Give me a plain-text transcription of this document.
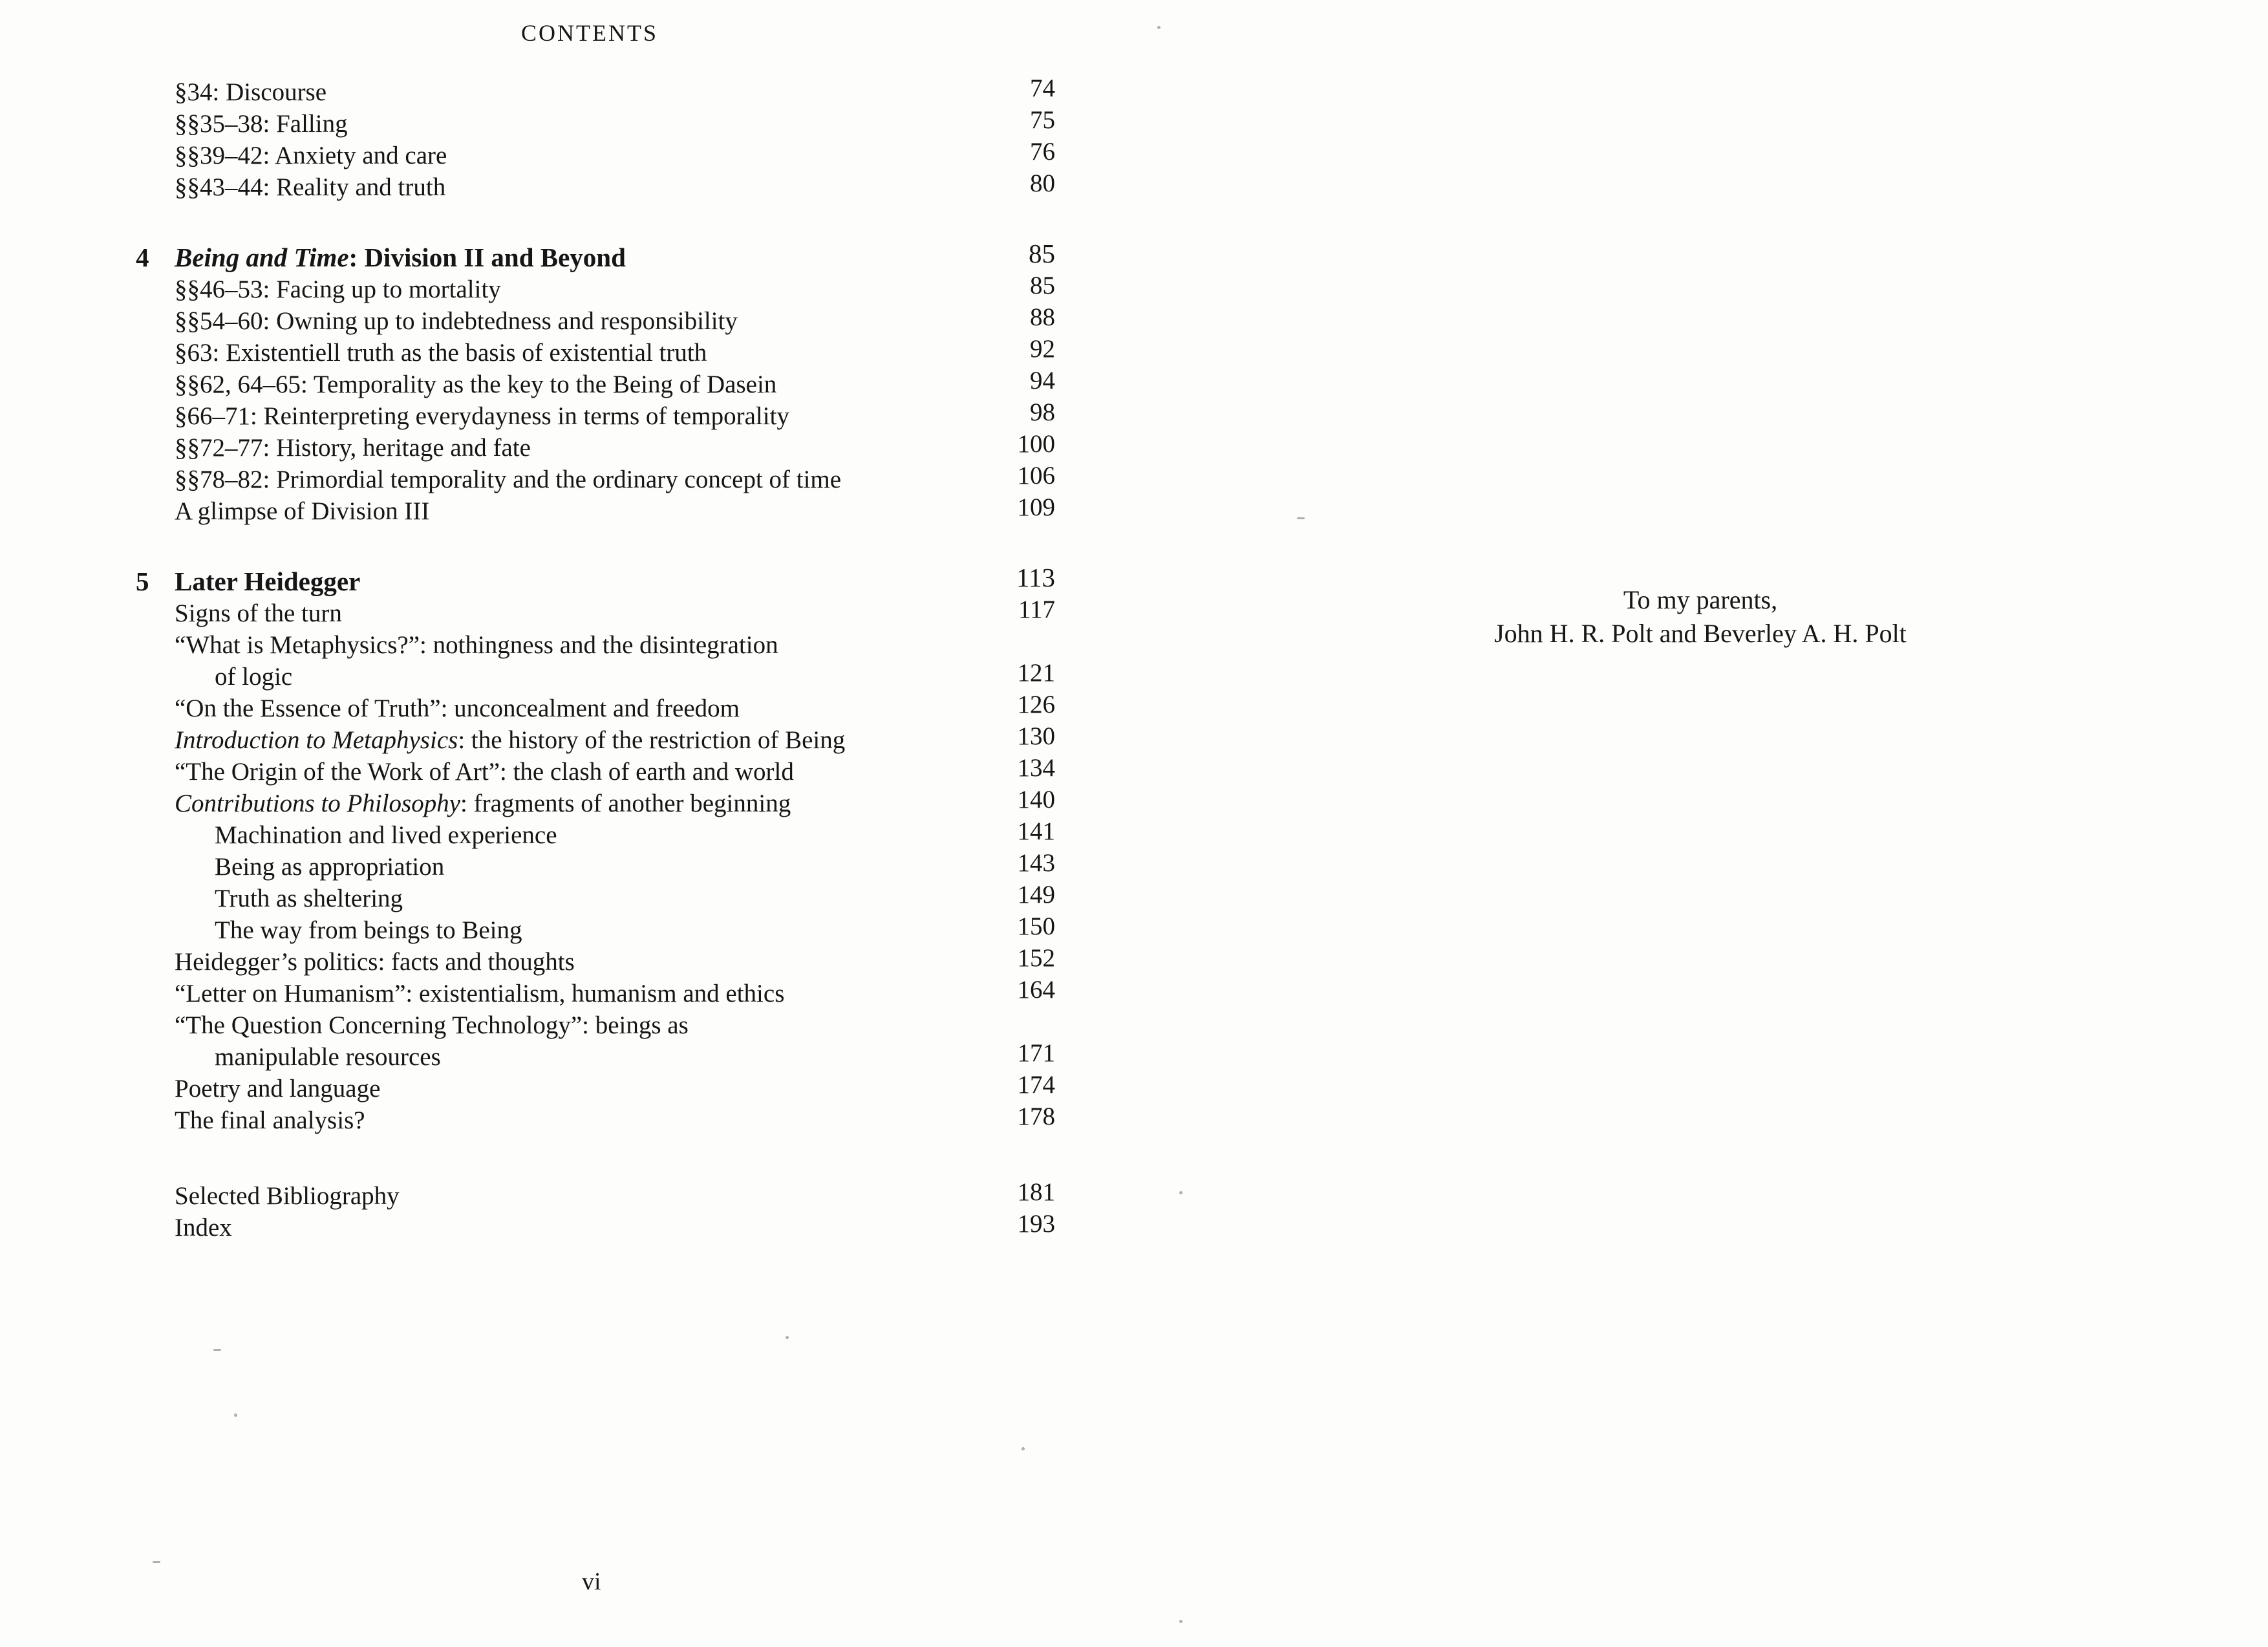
CONTENTS
§34: Discourse	74
§§35–38: Falling	75
§§39–42: Anxiety and care	76
§§43–44: Reality and truth	80
4 Being and Time: Division II and Beyond	85
§§46–53: Facing up to mortality	85
§§54–60: Owning up to indebtedness and responsibility	88
§63: Existentiell truth as the basis of existential truth	92
§§62, 64–65: Temporality as the key to the Being of Dasein	94
§66–71: Reinterpreting everydayness in terms of temporality	98
§§72–77: History, heritage and fate	100
§§78–82: Primordial temporality and the ordinary concept of time	106
A glimpse of Division III	109
5 Later Heidegger	113
Signs of the turn	117
“What is Metaphysics?”: nothingness and the disintegration
of logic	121
“On the Essence of Truth”: unconcealment and freedom	126
Introduction to Metaphysics: the history of the restriction of Being	130
“The Origin of the Work of Art”: the clash of earth and world	134
Contributions to Philosophy: fragments of another beginning	140
Machination and lived experience	141
Being as appropriation	143
Truth as sheltering	149
The way from beings to Being	150
Heidegger’s politics: facts and thoughts	152
“Letter on Humanism”: existentialism, humanism and ethics	164
“The Question Concerning Technology”: beings as
manipulable resources	171
Poetry and language	174
The final analysis?	178
Selected Bibliography	181
Index	193
vi
To my parents,
John H. R. Polt and Beverley A. H. Polt
